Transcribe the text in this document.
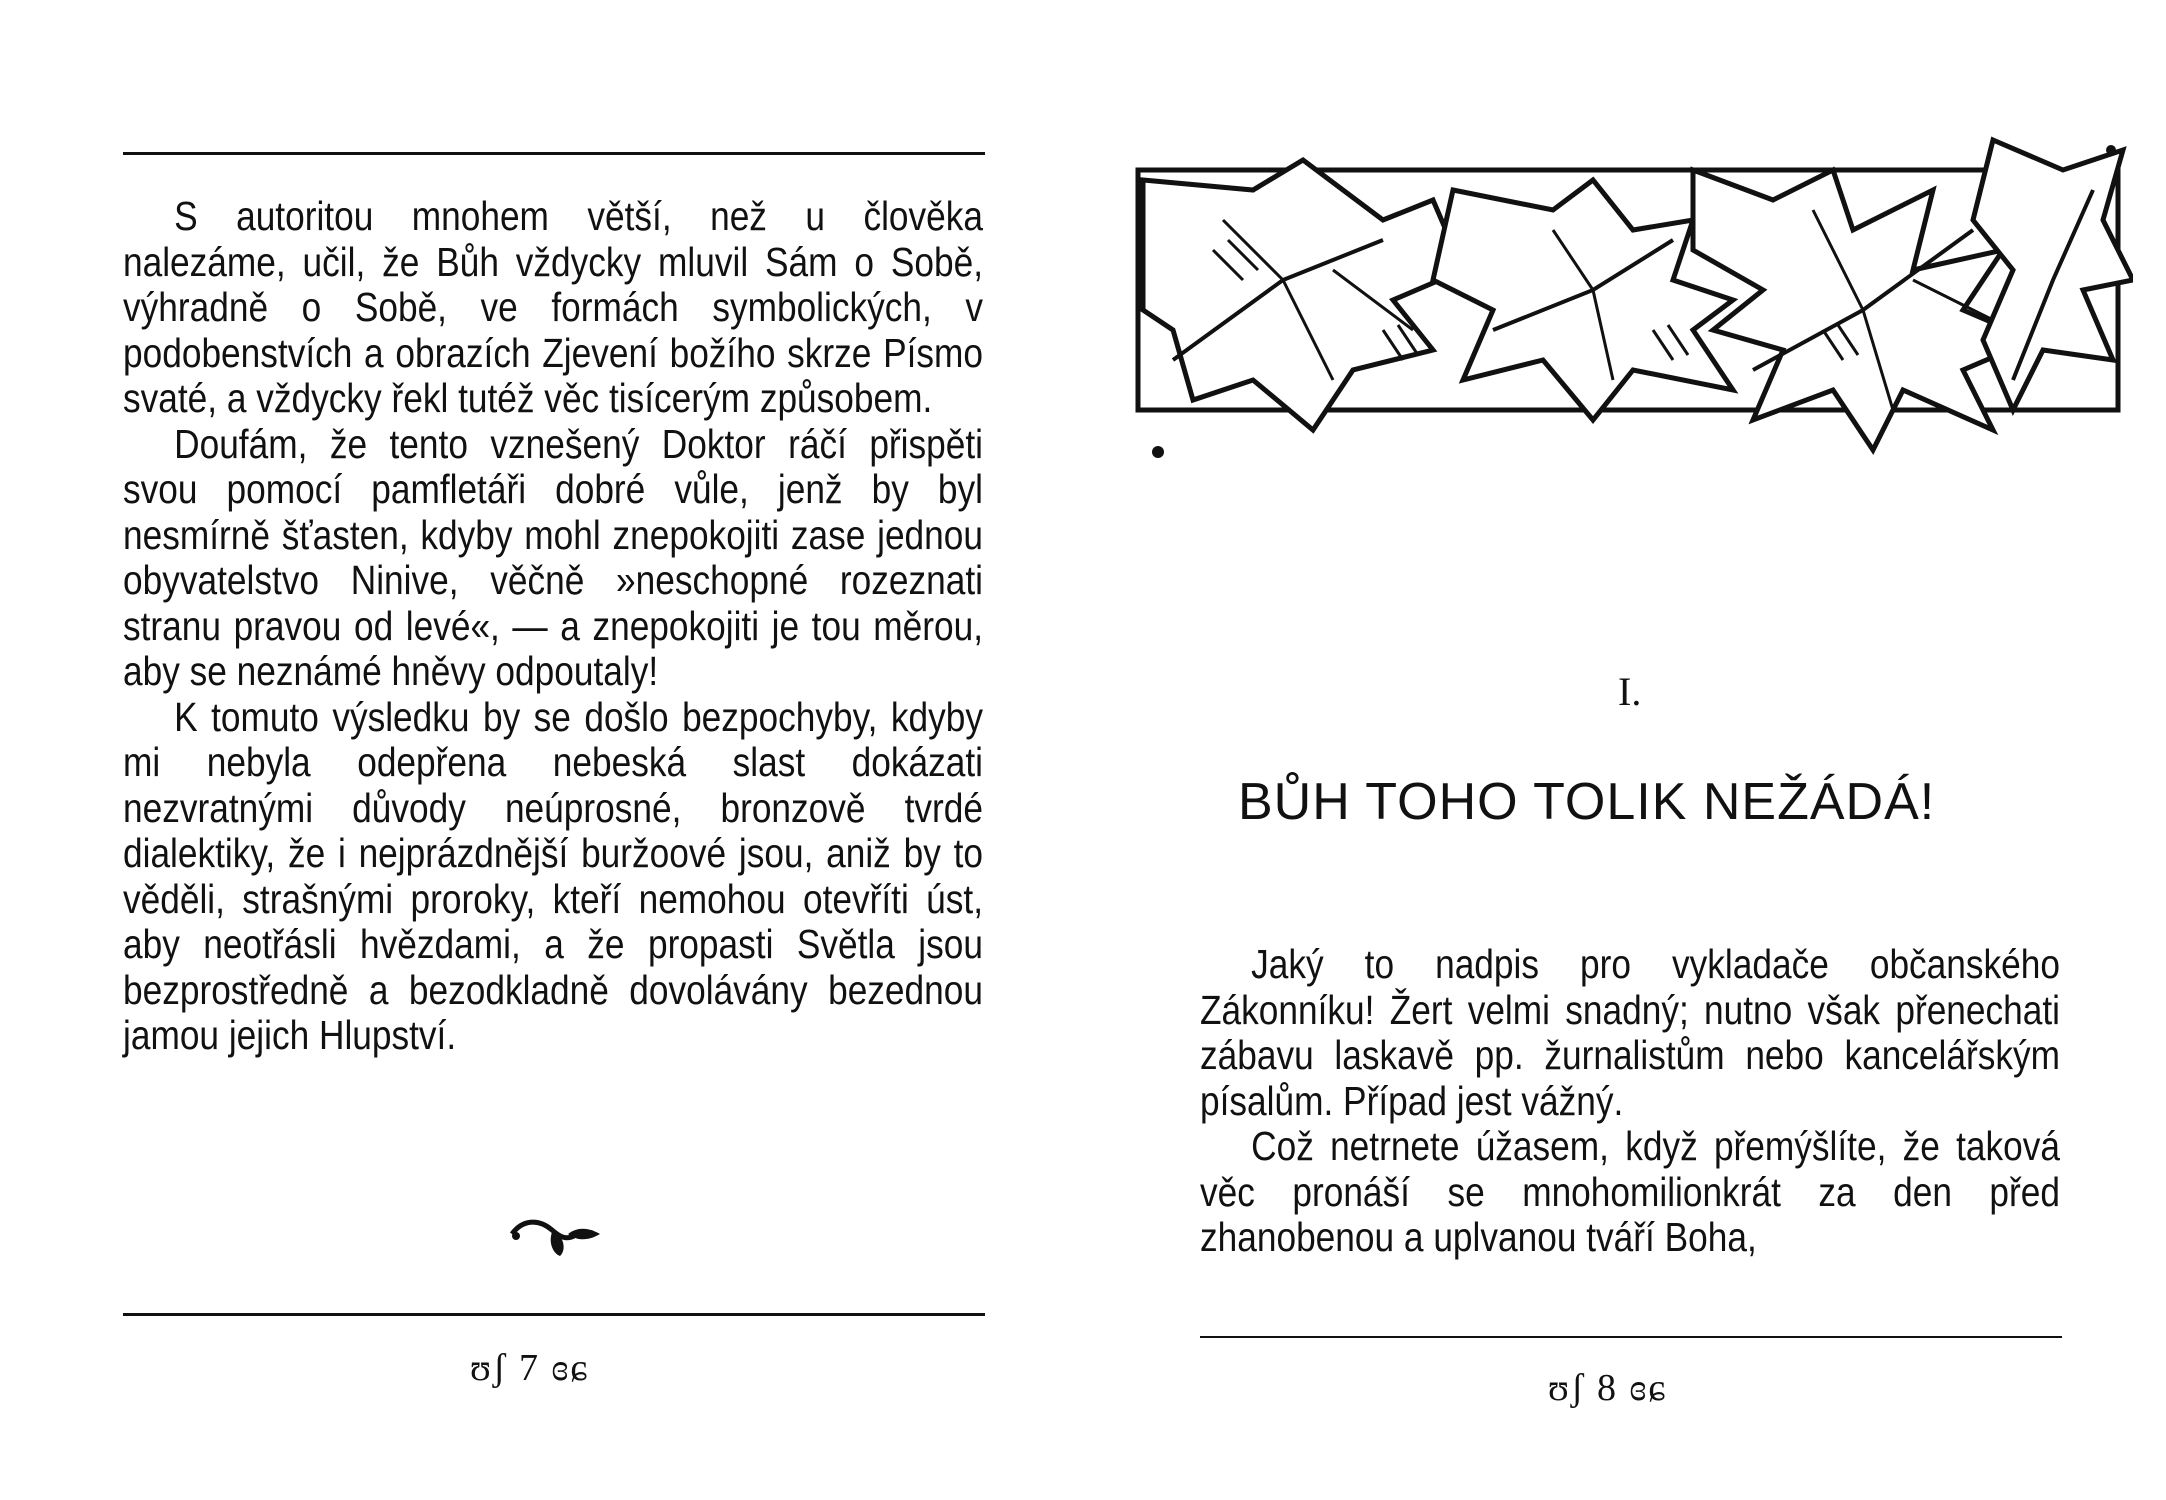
S autoritou mnohem větší, než u člověka nalezáme, učil, že Bůh vždycky mluvil Sám o Sobě, výhradně o Sobě, ve formách symbolických, v podobenstvích a obrazích Zjevení božího skrze Písmo svaté, a vždycky řekl tutéž věc tisícerým způsobem.

Doufám, že tento vznešený Doktor ráčí přispěti svou pomocí pamfletáři dobré vůle, jenž by byl nesmírně šťasten, kdyby mohl znepokojiti zase jednou obyvatelstvo Ninive, věčně »neschopné rozeznati stranu pravou od levé«, — a znepokojiti je tou měrou, aby se neznámé hněvy odpoutaly!

K tomuto výsledku by se došlo bezpochyby, kdyby mi nebyla odepřena nebeská slast dokázati nezvratnými důvody neúprosné, bronzově tvrdé dialektiky, že i nejprázdnější buržoové jsou, aniž by to věděli, strašnými proroky, kteří nemohou otevříti úst, aby neotřásli hvězdami, a že propasti Světla jsou bezprostředně a bezodkladně dovolávány bezednou jamou jejich Hlupství.

ʊʃ 7 ɞɕ
I.
BŮH TOHO TOLIK NEŽÁDÁ!

Jaký to nadpis pro vykladače občanského Zákonníku! Žert velmi snadný; nutno však přenechati zábavu laskavě pp. žurnalistům nebo kancelářským písalům. Případ jest vážný.

Což netrnete úžasem, když přemýšlíte, že taková věc pronáší se mnohomilionkrát za den před zhanobenou a uplvanou tváří Boha,

ʊʃ 8 ɞɕ
